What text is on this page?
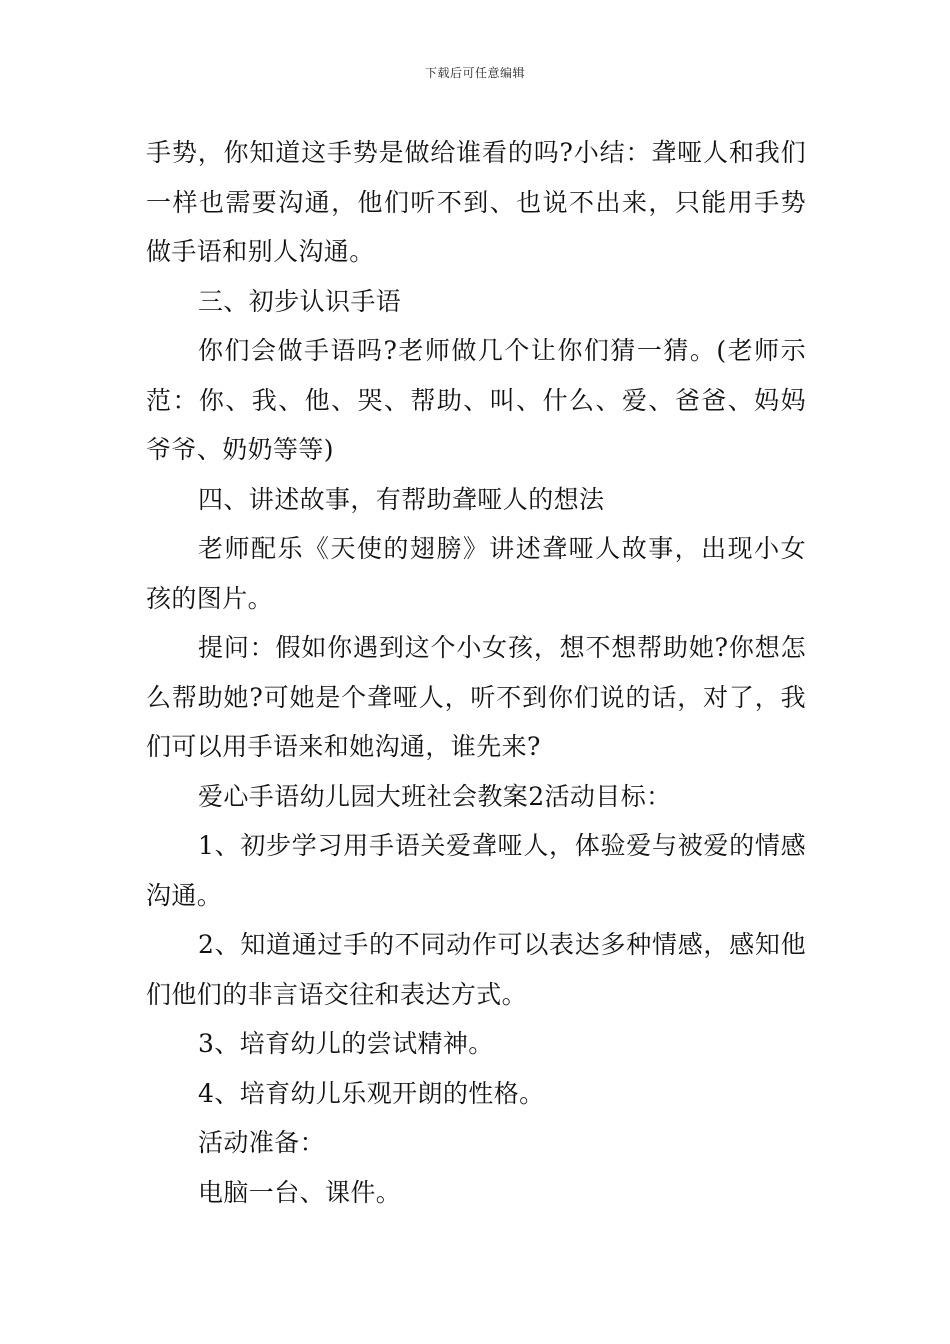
下载后可任意编辑

手势，你知道这手势是做给谁看的吗?小结：聋哑人和我们一样也需要沟通，他们听不到、也说不出来，只能用手势做手语和别人沟通。

三、初步认识手语

你们会做手语吗?老师做几个让你们猜一猜。(老师示范：你、我、他、哭、帮助、叫、什么、爱、爸爸、妈妈爷爷、奶奶等等)

四、讲述故事，有帮助聋哑人的想法

老师配乐《天使的翅膀》讲述聋哑人故事，出现小女孩的图片。

提问：假如你遇到这个小女孩，想不想帮助她?你想怎么帮助她?可她是个聋哑人，听不到你们说的话，对了，我们可以用手语来和她沟通，谁先来?

爱心手语幼儿园大班社会教案2活动目标：

1、初步学习用手语关爱聋哑人，体验爱与被爱的情感沟通。

2、知道通过手的不同动作可以表达多种情感，感知他们他们的非言语交往和表达方式。

3、培育幼儿的尝试精神。

4、培育幼儿乐观开朗的性格。

活动准备：

电脑一台、课件。
